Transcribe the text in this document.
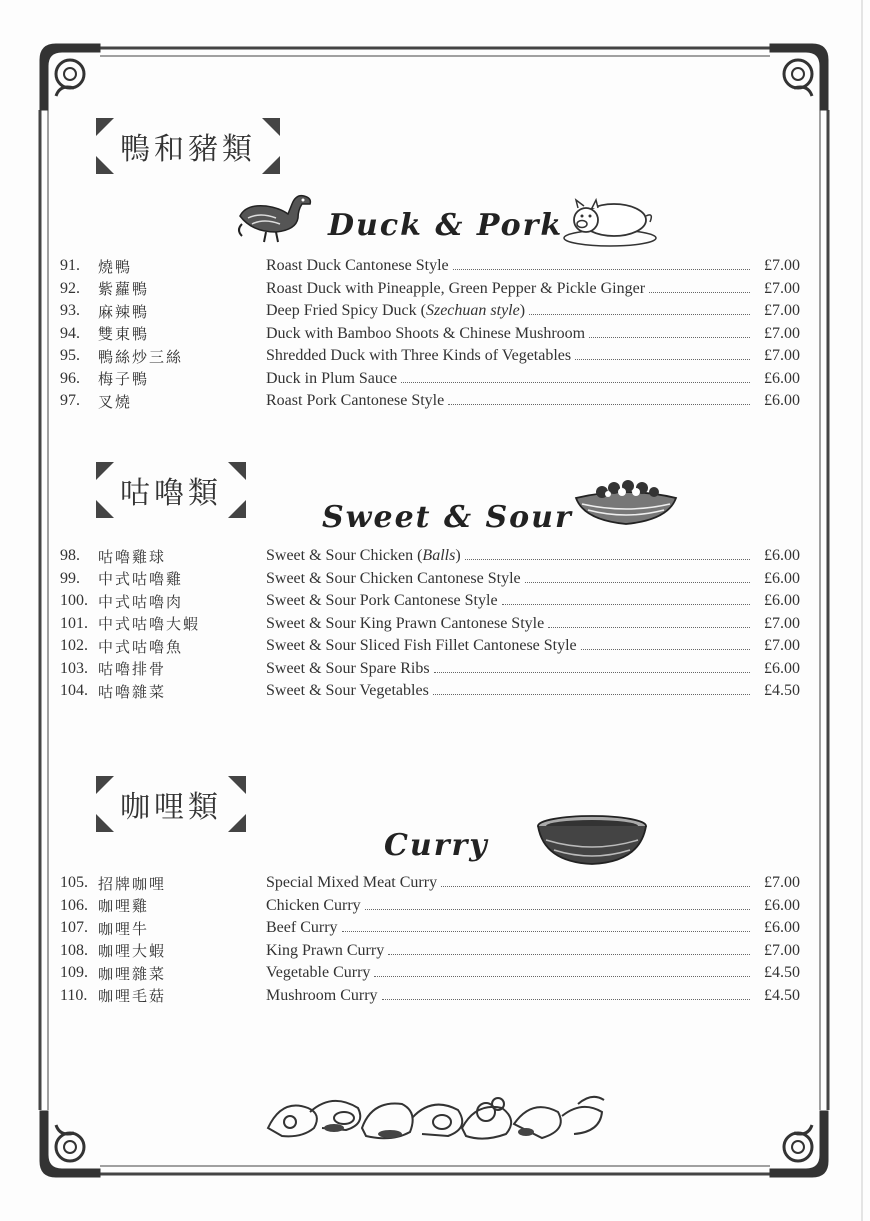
鴨和豬類
Duck & Pork
91.	燒鴨	Roast Duck Cantonese Style	£7.00
92.	紫蘿鴨	Roast Duck with Pineapple, Green Pepper & Pickle Ginger	£7.00
93.	麻辣鴨	Deep Fried Spicy Duck (Szechuan style)	£7.00
94.	雙東鴨	Duck with Bamboo Shoots & Chinese Mushroom	£7.00
95.	鴨絲炒三絲	Shredded Duck with Three Kinds of Vegetables	£7.00
96.	梅子鴨	Duck in Plum Sauce	£6.00
97.	叉燒	Roast Pork Cantonese Style	£6.00
咕嚕類
Sweet & Sour
98.	咕嚕雞球	Sweet & Sour Chicken (Balls)	£6.00
99.	中式咕嚕雞	Sweet & Sour Chicken Cantonese Style	£6.00
100. 中式咕嚕肉	Sweet & Sour Pork Cantonese Style	£6.00
101. 中式咕嚕大蝦	Sweet & Sour King Prawn Cantonese Style	£7.00
102. 中式咕嚕魚	Sweet & Sour Sliced Fish Fillet Cantonese Style	£7.00
103. 咕嚕排骨	Sweet & Sour Spare Ribs	£6.00
104. 咕嚕雜菜	Sweet & Sour Vegetables	£4.50
咖哩類
Curry
105. 招牌咖哩	Special Mixed Meat Curry	£7.00
106. 咖哩雞	Chicken Curry	£6.00
107. 咖哩牛	Beef Curry	£6.00
108. 咖哩大蝦	King Prawn Curry	£7.00
109. 咖哩雜菜	Vegetable Curry	£4.50
110. 咖哩毛菇	Mushroom Curry	£4.50
